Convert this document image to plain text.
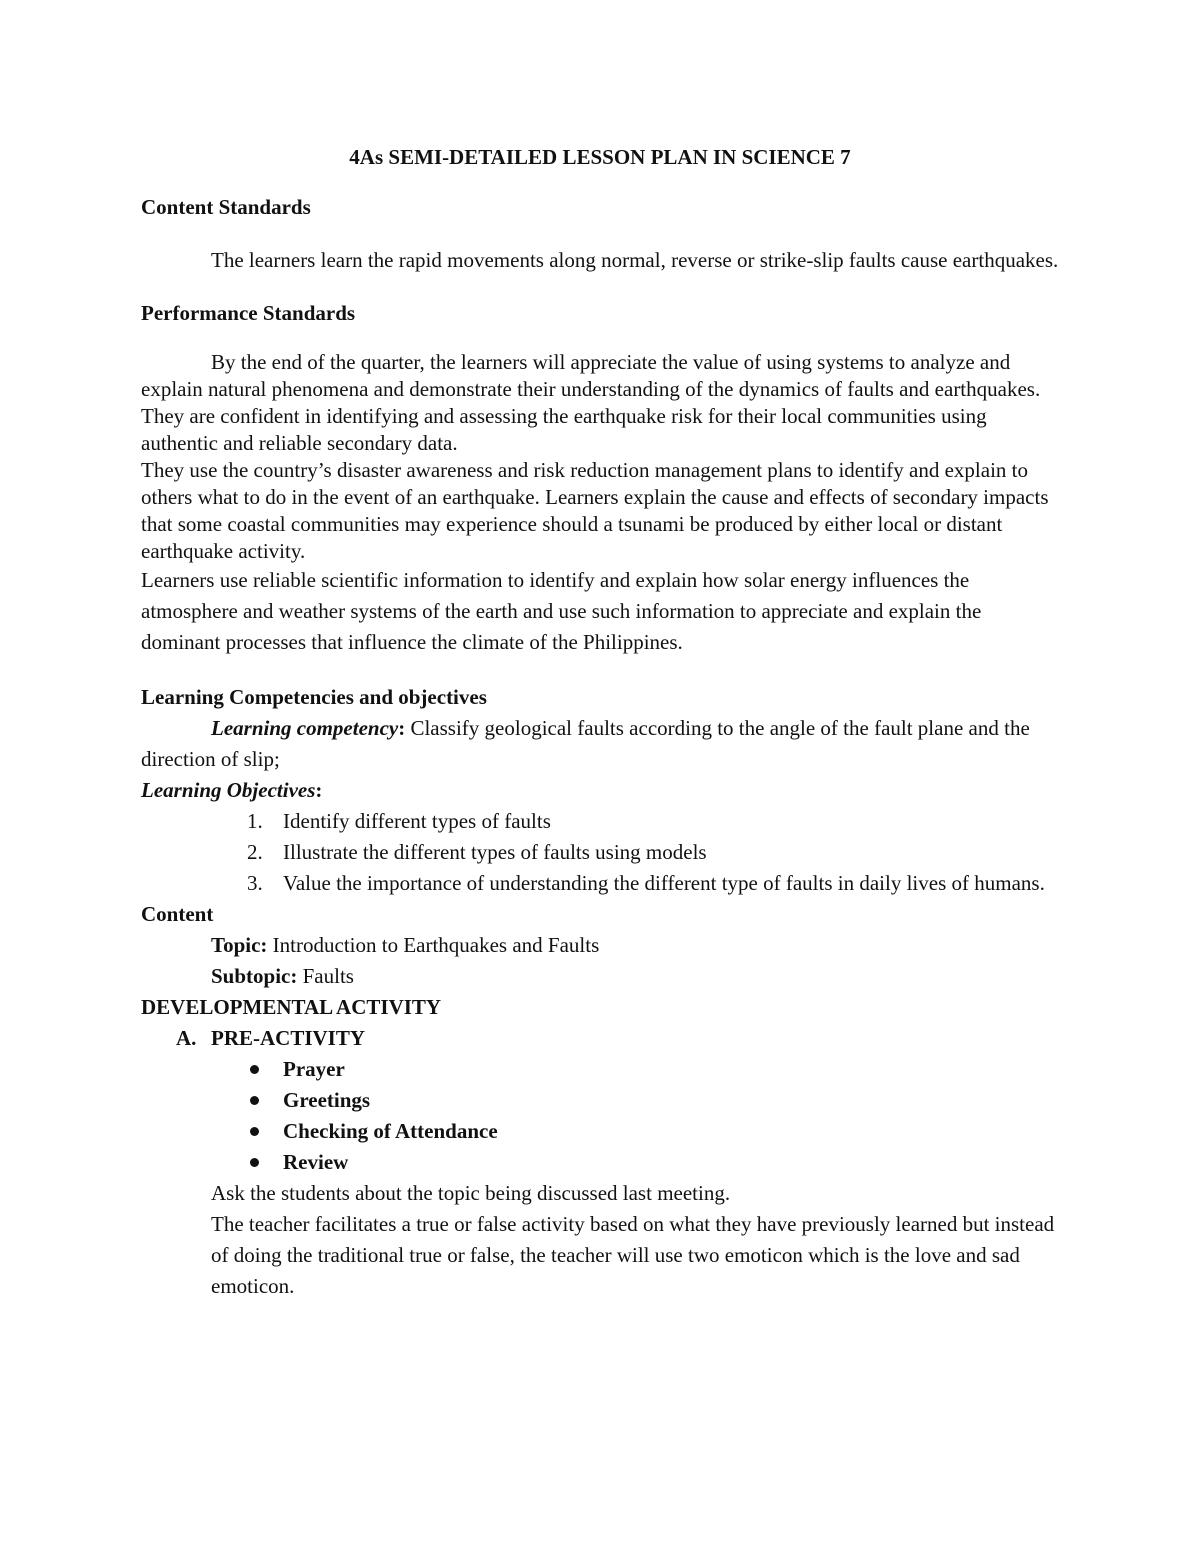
4As SEMI-DETAILED LESSON PLAN IN SCIENCE 7

Content Standards

The learners learn the rapid movements along normal, reverse or strike-slip faults cause earthquakes.

Performance Standards

By the end of the quarter, the learners will appreciate the value of using systems to analyze and explain natural phenomena and demonstrate their understanding of the dynamics of faults and earthquakes. They are confident in identifying and assessing the earthquake risk for their local communities using authentic and reliable secondary data.

They use the country’s disaster awareness and risk reduction management plans to identify and explain to others what to do in the event of an earthquake. Learners explain the cause and effects of secondary impacts that some coastal communities may experience should a tsunami be produced by either local or distant earthquake activity.

Learners use reliable scientific information to identify and explain how solar energy influences the atmosphere and weather systems of the earth and use such information to appreciate and explain the dominant processes that influence the climate of the Philippines.

Learning Competencies and objectives

Learning competency: Classify geological faults according to the angle of the fault plane and the direction of slip;

Learning Objectives:

1. Identify different types of faults
2. Illustrate the different types of faults using models
3. Value the importance of understanding the different type of faults in daily lives of humans.

Content

Topic: Introduction to Earthquakes and Faults

Subtopic: Faults

DEVELOPMENTAL ACTIVITY

A. PRE-ACTIVITY

Prayer
Greetings
Checking of Attendance
Review

Ask the students about the topic being discussed last meeting.

The teacher facilitates a true or false activity based on what they have previously learned but instead of doing the traditional true or false, the teacher will use two emoticon which is the love and sad emoticon.
